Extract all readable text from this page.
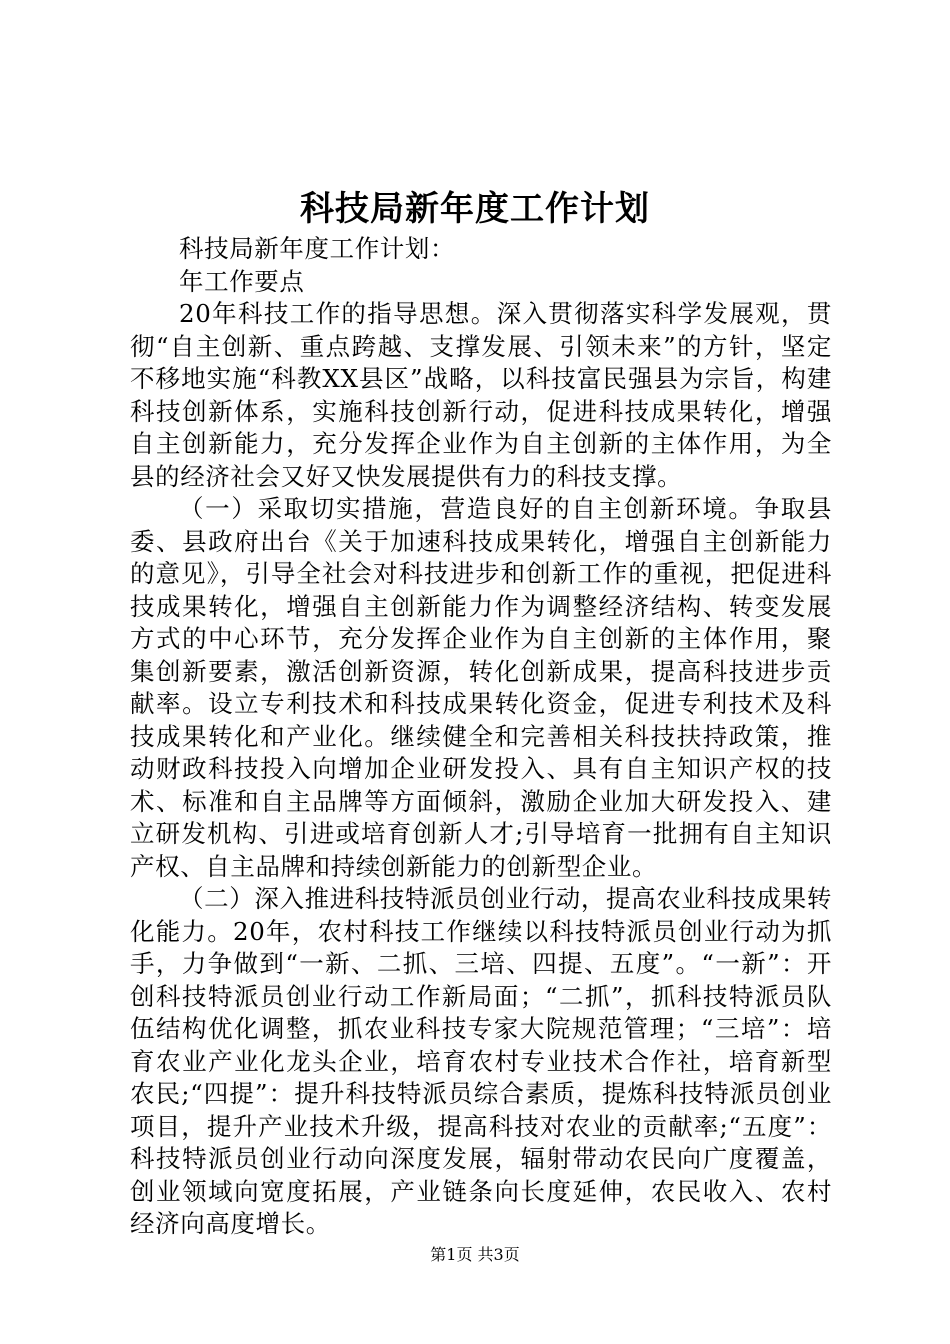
科技局新年度工作计划

科技局新年度工作计划：

年工作要点

20年科技工作的指导思想。深入贯彻落实科学发展观，贯彻“自主创新、重点跨越、支撑发展、引领未来”的方针，坚定不移地实施“科教XX县区”战略，以科技富民强县为宗旨，构建科技创新体系，实施科技创新行动，促进科技成果转化，增强自主创新能力，充分发挥企业作为自主创新的主体作用，为全县的经济社会又好又快发展提供有力的科技支撑。

（一）采取切实措施，营造良好的自主创新环境。争取县委、县政府出台《关于加速科技成果转化，增强自主创新能力的意见》，引导全社会对科技进步和创新工作的重视，把促进科技成果转化，增强自主创新能力作为调整经济结构、转变发展方式的中心环节，充分发挥企业作为自主创新的主体作用，聚集创新要素，激活创新资源，转化创新成果，提高科技进步贡献率。设立专利技术和科技成果转化资金，促进专利技术及科技成果转化和产业化。继续健全和完善相关科技扶持政策，推动财政科技投入向增加企业研发投入、具有自主知识产权的技术、标准和自主品牌等方面倾斜，激励企业加大研发投入、建立研发机构、引进或培育创新人才;引导培育一批拥有自主知识产权、自主品牌和持续创新能力的创新型企业。

（二）深入推进科技特派员创业行动，提高农业科技成果转化能力。20年，农村科技工作继续以科技特派员创业行动为抓手，力争做到“一新、二抓、三培、四提、五度”。“一新”：开创科技特派员创业行动工作新局面；“二抓”，抓科技特派员队伍结构优化调整，抓农业科技专家大院规范管理；“三培”：培育农业产业化龙头企业，培育农村专业技术合作社，培育新型农民;“四提”：提升科技特派员综合素质，提炼科技特派员创业项目，提升产业技术升级，提高科技对农业的贡献率;“五度”：科技特派员创业行动向深度发展，辐射带动农民向广度覆盖，创业领域向宽度拓展，产业链条向长度延伸，农民收入、农村经济向高度增长。

第1页 共3页
